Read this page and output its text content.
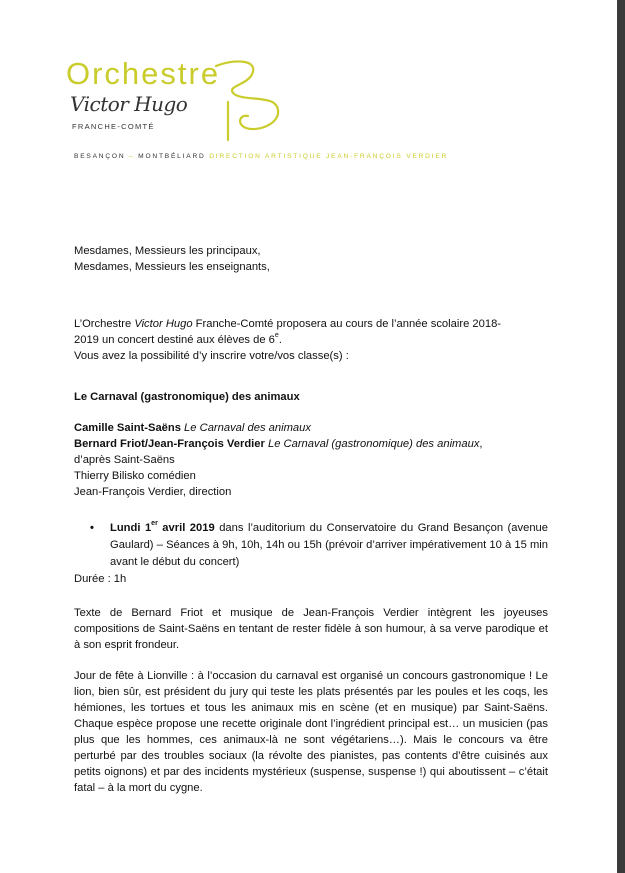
Orchestre
Victor Hugo
FRANCHE-COMTÉ
BESANÇON – MONTBÉLIARD DIRECTION ARTISTIQUE JEAN-FRANÇOIS VERDIER
Mesdames, Messieurs les principaux,
Mesdames, Messieurs les enseignants,
L’Orchestre Victor Hugo Franche-Comté proposera au cours de l’année scolaire 2018-
2019 un concert destiné aux élèves de 6e.
Vous avez la possibilité d’y inscrire votre/vos classe(s) :
Le Carnaval (gastronomique) des animaux
Camille Saint-Saëns Le Carnaval des animaux
Bernard Friot/Jean-François Verdier Le Carnaval (gastronomique) des animaux,
d’après Saint-Saëns
Thierry Bilisko comédien
Jean-François Verdier, direction
• Lundi 1er avril 2019 dans l’auditorium du Conservatoire du Grand Besançon (avenue Gaulard) – Séances à 9h, 10h, 14h ou 15h (prévoir d’arriver impérativement 10 à 15 min avant le début du concert)
Durée : 1h
Texte de Bernard Friot et musique de Jean-François Verdier intègrent les joyeuses compositions de Saint-Saëns en tentant de rester fidèle à son humour, à sa verve parodique et à son esprit frondeur.
Jour de fête à Lionville : à l’occasion du carnaval est organisé un concours gastronomique ! Le lion, bien sûr, est président du jury qui teste les plats présentés par les poules et les coqs, les hémiones, les tortues et tous les animaux mis en scène (et en musique) par Saint-Saëns. Chaque espèce propose une recette originale dont l’ingrédient principal est… un musicien (pas plus que les hommes, ces animaux-là ne sont végétariens…). Mais le concours va être perturbé par des troubles sociaux (la révolte des pianistes, pas contents d’être cuisinés aux petits oignons) et par des incidents mystérieux (suspense, suspense !) qui aboutissent – c’était fatal – à la mort du cygne.
